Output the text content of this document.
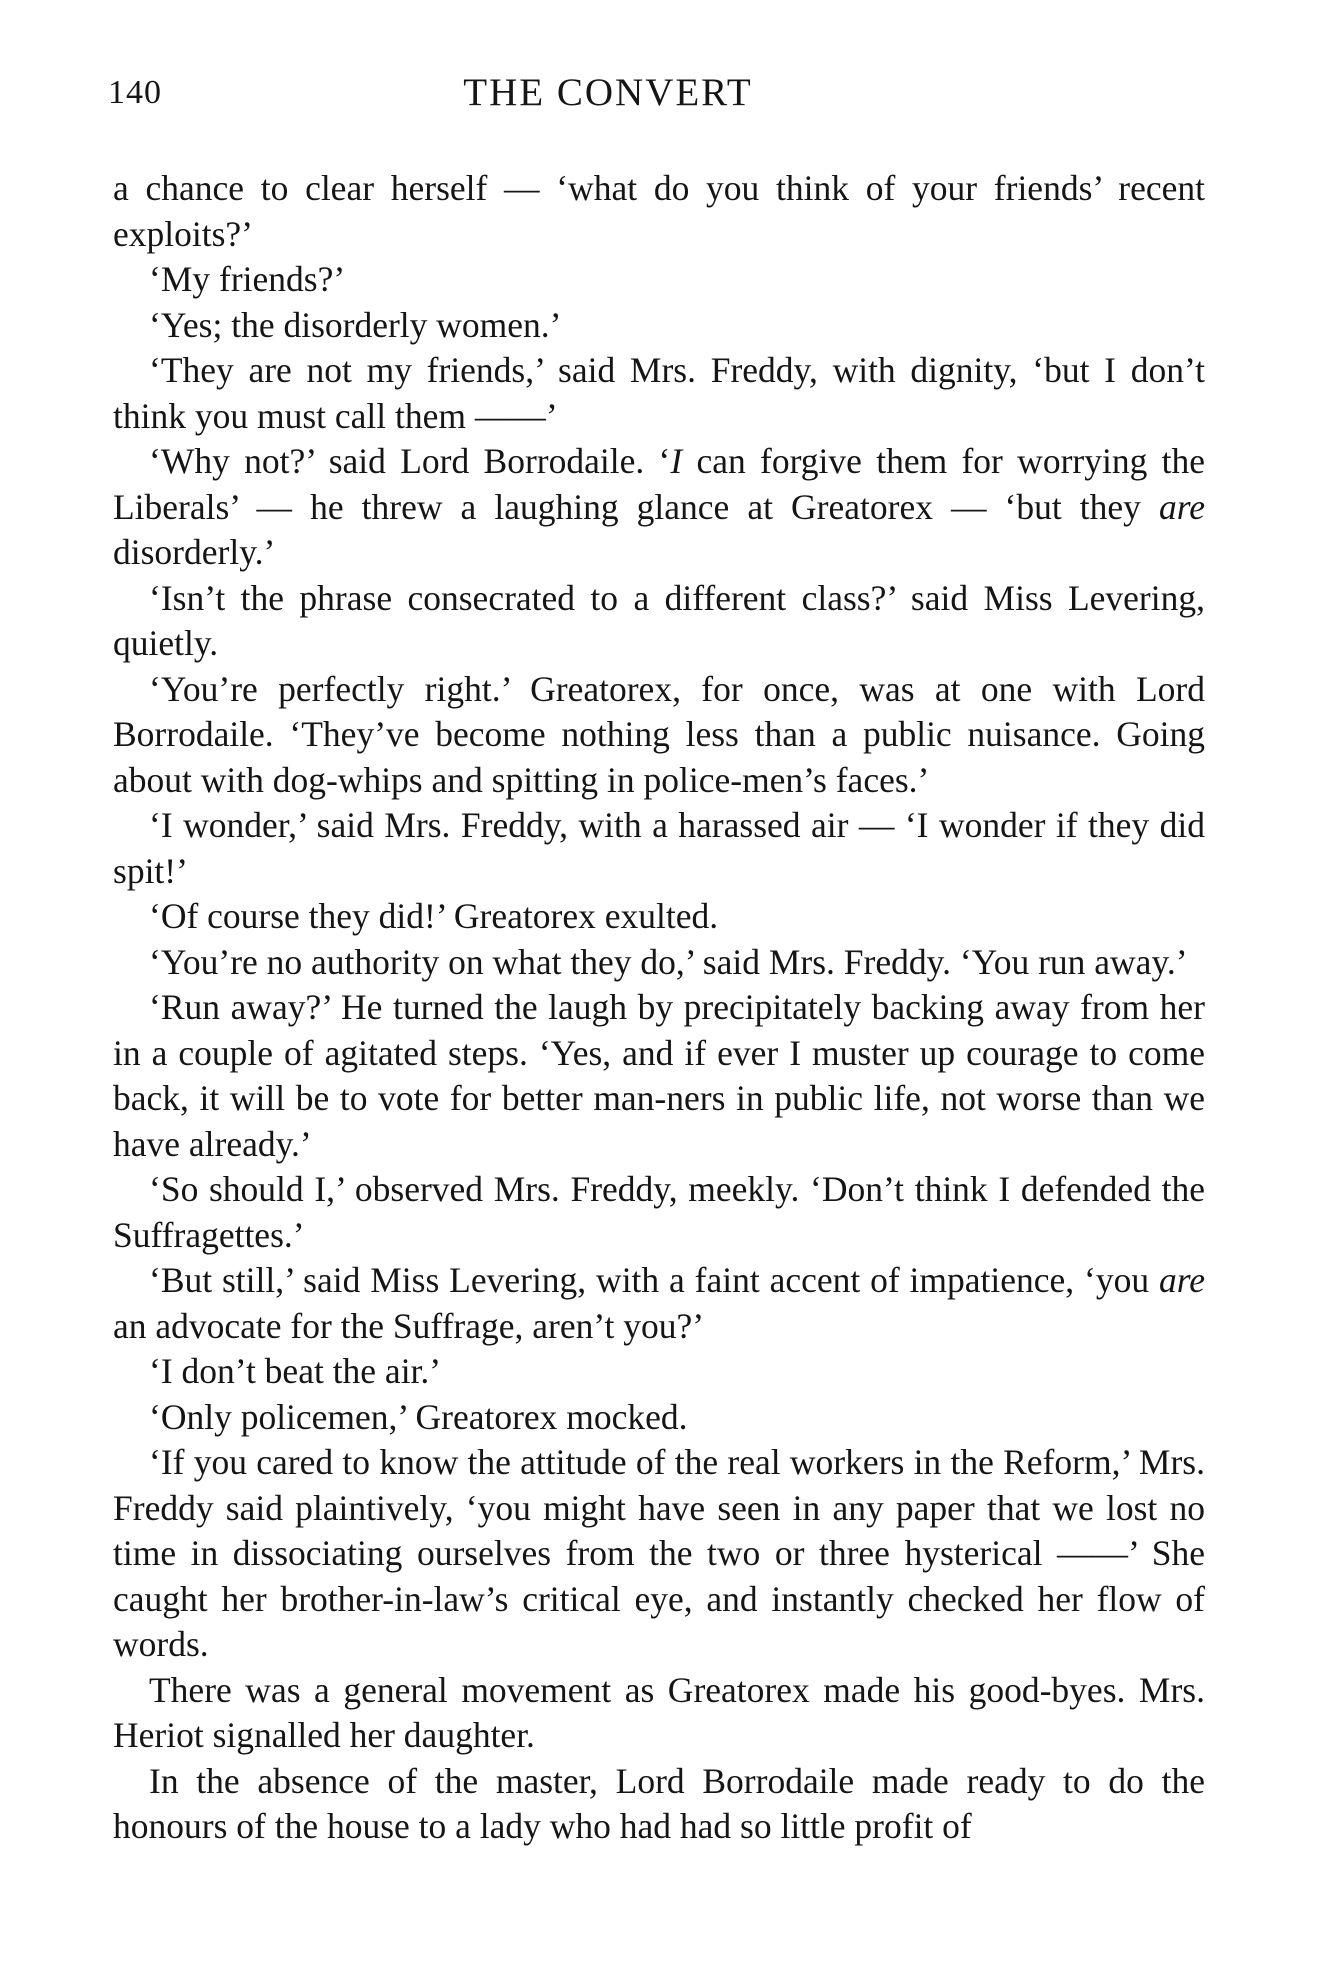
140	THE CONVERT

a chance to clear herself — ‘what do you think of your friends’ recent exploits?’

‘My friends?’

‘Yes; the disorderly women.’

‘They are not my friends,’ said Mrs. Freddy, with dignity, ‘but I don’t think you must call them ——’

‘Why not?’ said Lord Borrodaile. ‘I can forgive them for worrying the Liberals’ — he threw a laughing glance at Greatorex — ‘but they are disorderly.’

‘Isn’t the phrase consecrated to a different class?’ said Miss Levering, quietly.

‘You’re perfectly right.’ Greatorex, for once, was at one with Lord Borrodaile. ‘They’ve become nothing less than a public nuisance. Going about with dog-whips and spitting in police-men’s faces.’

‘I wonder,’ said Mrs. Freddy, with a harassed air — ‘I wonder if they did spit!’

‘Of course they did!’ Greatorex exulted.

‘You’re no authority on what they do,’ said Mrs. Freddy. ‘You run away.’

‘Run away?’ He turned the laugh by precipitately backing away from her in a couple of agitated steps. ‘Yes, and if ever I muster up courage to come back, it will be to vote for better man-ners in public life, not worse than we have already.’

‘So should I,’ observed Mrs. Freddy, meekly. ‘Don’t think I defended the Suffragettes.’

‘But still,’ said Miss Levering, with a faint accent of impatience, ‘you are an advocate for the Suffrage, aren’t you?’

‘I don’t beat the air.’

‘Only policemen,’ Greatorex mocked.

‘If you cared to know the attitude of the real workers in the Reform,’ Mrs. Freddy said plaintively, ‘you might have seen in any paper that we lost no time in dissociating ourselves from the two or three hysterical ——’ She caught her brother-in-law’s critical eye, and instantly checked her flow of words.

There was a general movement as Greatorex made his good-byes. Mrs. Heriot signalled her daughter.

In the absence of the master, Lord Borrodaile made ready to do the honours of the house to a lady who had had so little profit of
